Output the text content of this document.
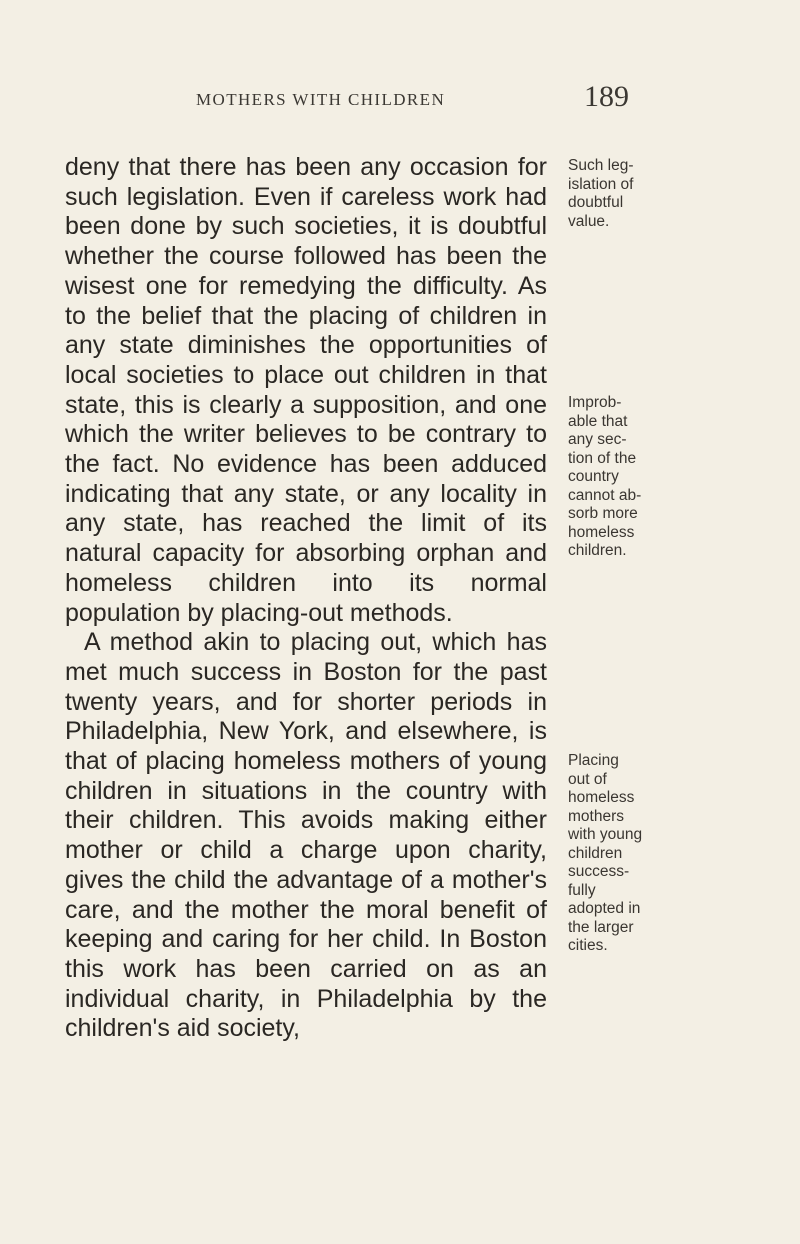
MOTHERS WITH CHILDREN	189

deny that there has been any occasion for such legislation. Even if careless work had been done by such societies, it is doubtful whether the course followed has been the wisest one for remedying the difficulty. As to the belief that the placing of children in any state diminishes the opportunities of local societies to place out children in that state, this is clearly a supposition, and one which the writer believes to be contrary to the fact. No evidence has been adduced indicating that any state, or any locality in any state, has reached the limit of its natural capacity for absorbing orphan and homeless children into its normal population by placing-out methods.

A method akin to placing out, which has met much success in Boston for the past twenty years, and for shorter periods in Philadelphia, New York, and elsewhere, is that of placing homeless mothers of young children in situations in the country with their children. This avoids making either mother or child a charge upon charity, gives the child the advantage of a mother's care, and the mother the moral benefit of keeping and caring for her child. In Boston this work has been carried on as an individual charity, in Philadelphia by the children's aid society,

Such leg-
islation of
doubtful
value.
Improb-
able that
any sec-
tion of the
country
cannot ab-
sorb more
homeless
children.
Placing
out of
homeless
mothers
with young
children
success-
fully
adopted in
the larger
cities.
